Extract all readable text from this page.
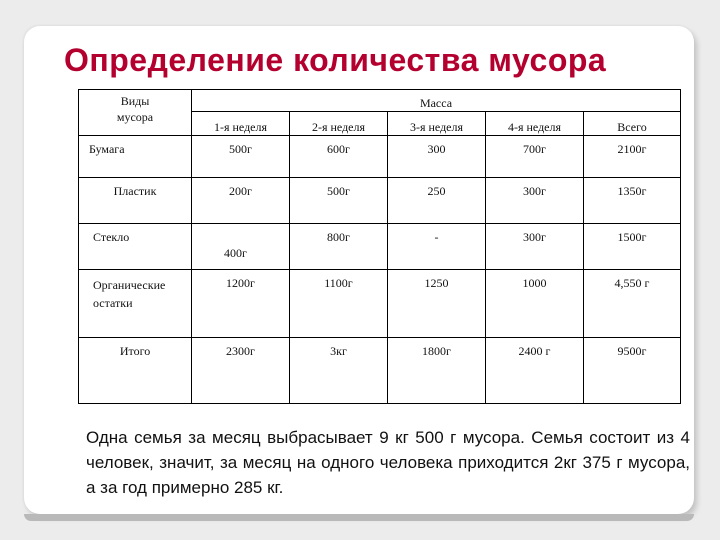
Определение количества мусора
Виды
мусора	Масса				
	1-я неделя	2-я неделя	3-я неделя	4-я неделя	Всего
Бумага	500г	600г	300	700г	2100г
Пластик	200г	500г	250	300г	1350г
Стекло	400г	800г	-	300г	1500г
Органические
остатки	1200г	1100г	1250	1000	4,550 г
Итого	2300г	3кг	1800г	2400 г	9500г
Одна семья за месяц выбрасывает 9 кг 500 г мусора. Семья состоит из 4 человек, значит, за месяц на одного человека приходится 2кг 375 г мусора, а за год примерно 285 кг.
